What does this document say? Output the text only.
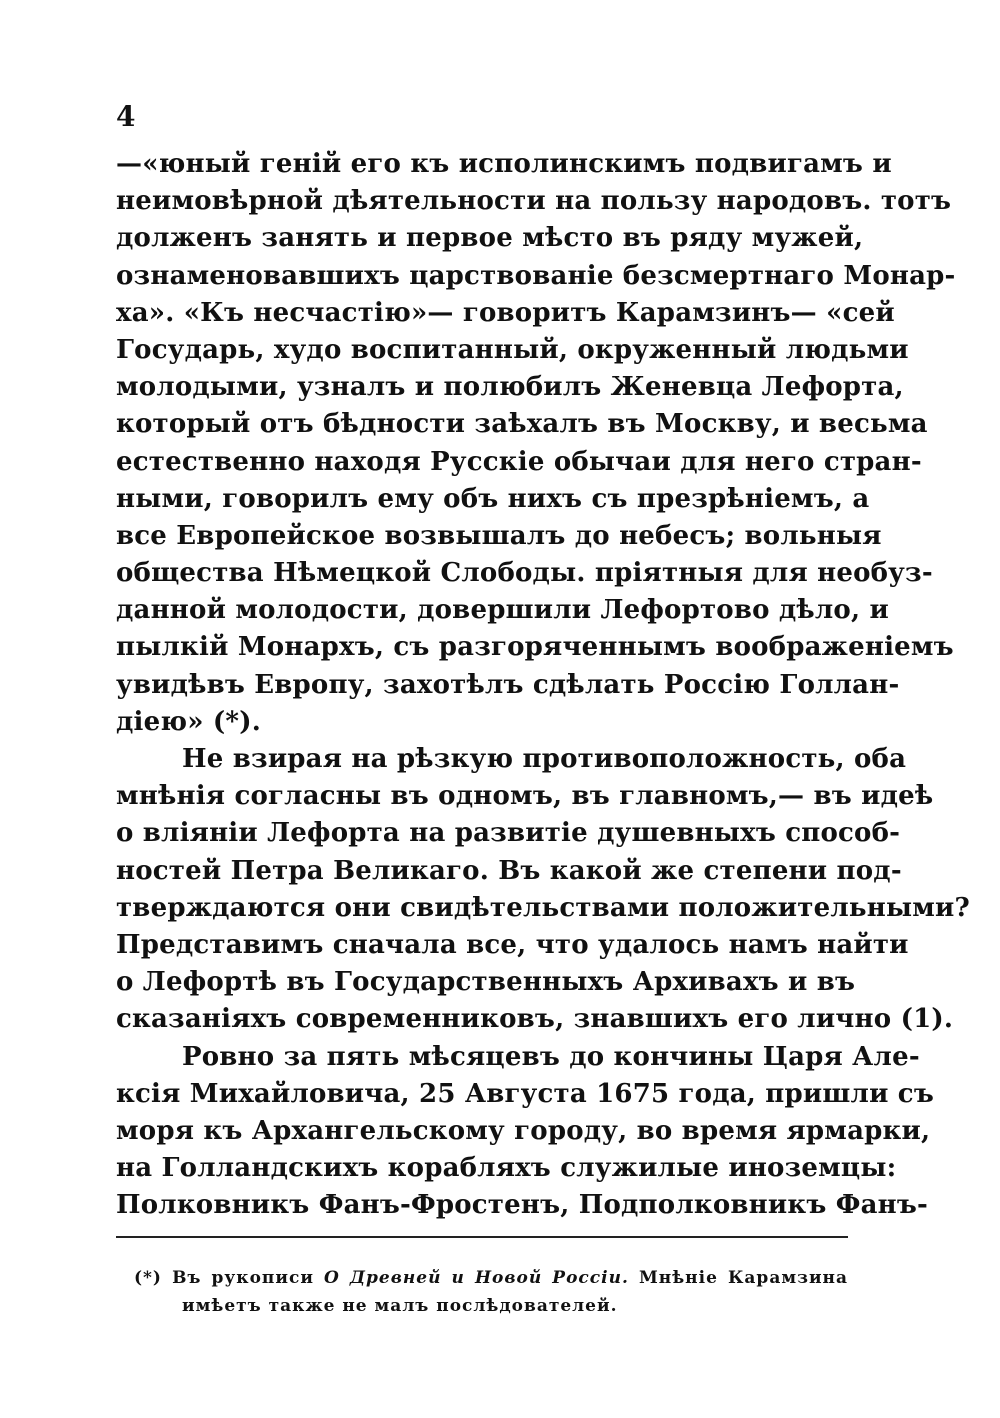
4
—«юный геній его къ исполинскимъ подвигамъ и
неимовѣрной дѣятельности на пользу народовъ. тотъ
долженъ занять и первое мѣсто въ ряду мужей,
ознаменовавшихъ царствованіе безсмертнаго Монар-
ха». «Къ несчастію»— говоритъ Карамзинъ— «сей
Государь, худо воспитанный, окруженный людьми
молодыми, узналъ и полюбилъ Женевца Лефорта,
который отъ бѣдности заѣхалъ въ Москву, и весьма
естественно находя Русскіе обычаи для него стран-
ными, говорилъ ему объ нихъ съ презрѣніемъ, а
все Европейское возвышалъ до небесъ; вольныя
общества Нѣмецкой Слободы. пріятныя для необуз-
данной молодости, довершили Лефортово дѣло, и
пылкій Монархъ, съ разгоряченнымъ воображеніемъ
увидѣвъ Европу, захотѣлъ сдѣлать Россію Голлан-
діею» (*).
Не взирая на рѣзкую противоположность, оба
мнѣнія согласны въ одномъ, въ главномъ,— въ идеѣ
о вліяніи Лефорта на развитіе душевныхъ способ-
ностей Петра Великаго. Въ какой же степени под-
тверждаются они свидѣтельствами положительными?
Представимъ сначала все, что удалось намъ найти
о Лефортѣ въ Государственныхъ Архивахъ и въ
сказаніяхъ современниковъ, знавшихъ его лично (1).
Ровно за пять мѣсяцевъ до кончины Царя Але-
ксія Михайловича, 25 Августа 1675 года, пришли съ
моря къ Архангельскому городу, во время ярмарки,
на Голландскихъ корабляхъ служилые иноземцы:
Полковникъ Фанъ-Фростенъ, Подполковникъ Фанъ-
(*) Въ рукописи О Древней и Новой Россіи. Мнѣніе Карамзина
имѣетъ также не малъ послѣдователей.
